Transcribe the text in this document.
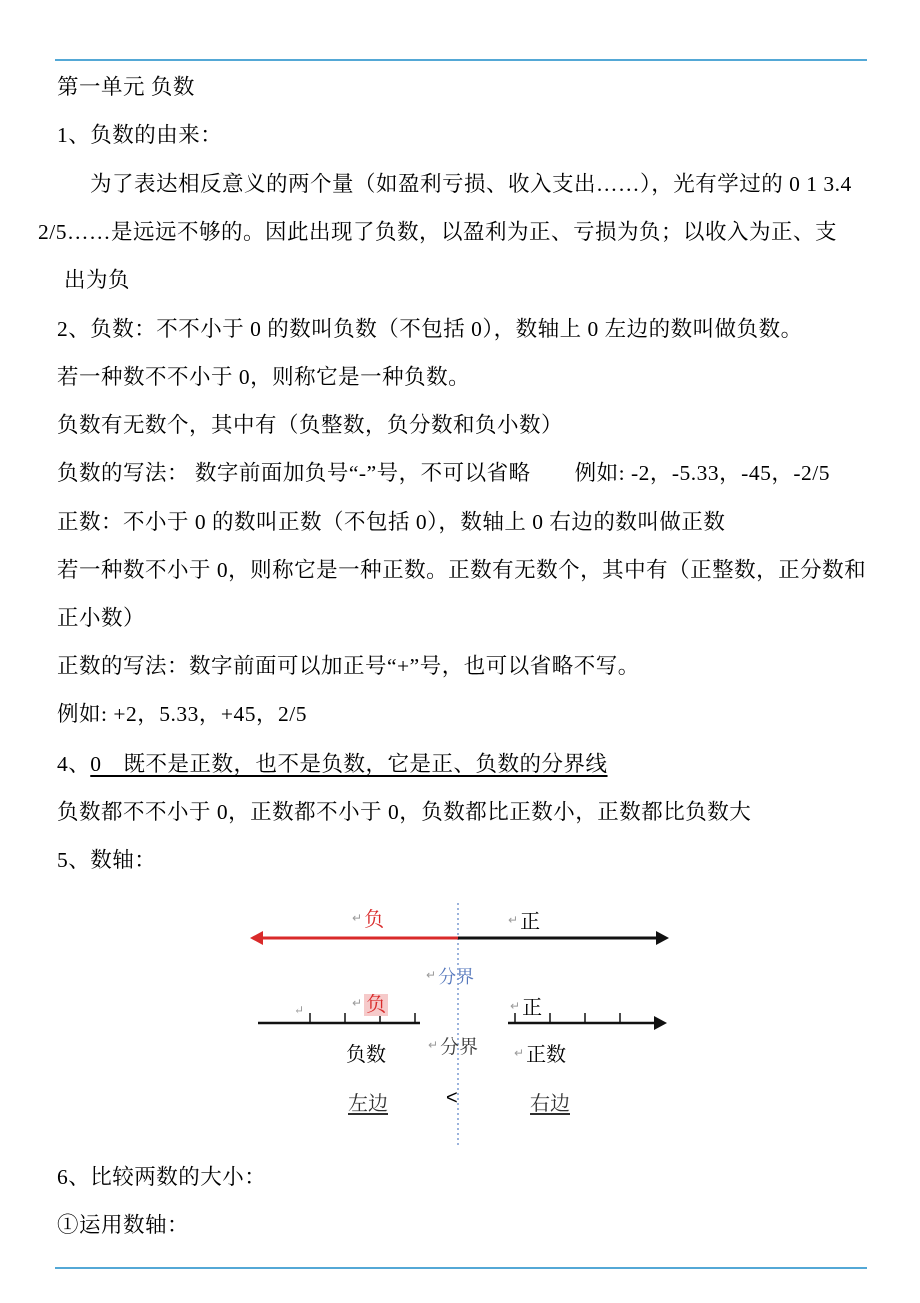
第一单元 负数

1、负数的由来：

为了表达相反意义的两个量（如盈利亏损、收入支出……），光有学过的 0 1 3.4

2/5……是远远不够的。因此出现了负数，以盈利为正、亏损为负；以收入为正、支

出为负

2、负数：不不小于 0 的数叫负数（不包括 0），数轴上 0 左边的数叫做负数。

若一种数不不小于 0，则称它是一种负数。

负数有无数个，其中有（负整数，负分数和负小数）

负数的写法： 数字前面加负号“-”号，不可以省略　　例如: -2，-5.33，-45，-2/5

正数：不小于 0 的数叫正数（不包括 0），数轴上 0 右边的数叫做正数

若一种数不小于 0，则称它是一种正数。正数有无数个，其中有（正整数，正分数和

正小数）

正数的写法：数字前面可以加正号“+”号，也可以省略不写。

例如: +2，5.33，+45，2/5

4、0　既不是正数，也不是负数，它是正、负数的分界线

负数都不不小于 0，正数都不小于 0，负数都比正数小，正数都比负数大

5、数轴：

↵
↵ 负	↵ 正
↵ 分界
↵ 负	↵ 正
负数	↵ 分界	↵ 正数
左边	<	右边

6、比较两数的大小：

①运用数轴：
